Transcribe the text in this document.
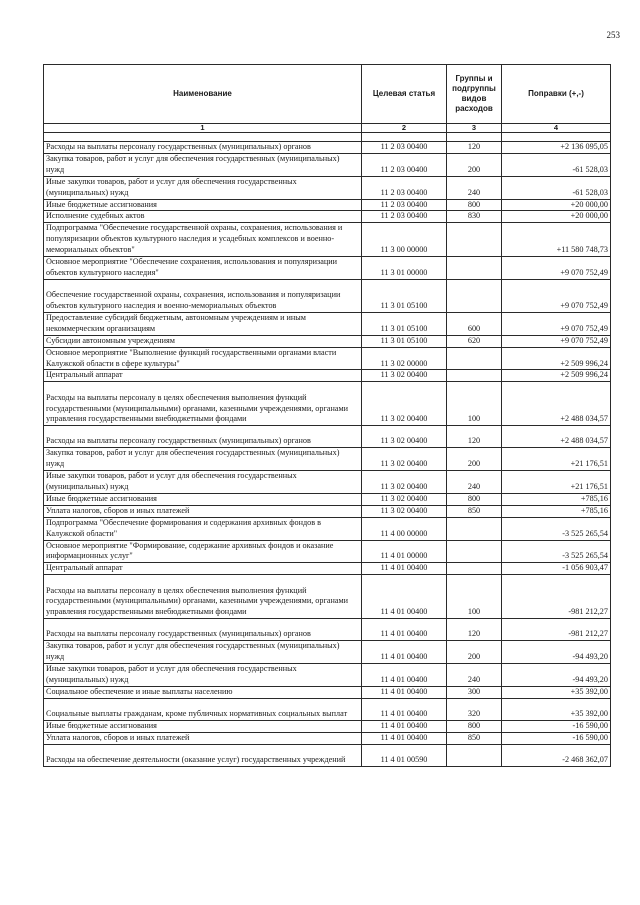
253
Наименование	Целевая статья	Группы и подгруппы видов расходов	Поправки (+,-)
1	2	3	4

Расходы на выплаты персоналу государственных (муниципальных) органов	11 2 03 00400	120	+2 136 095,05
Закупка товаров, работ и услуг для обеспечения государственных (муниципальных) нужд	11 2 03 00400	200	-61 528,03
Иные закупки товаров, работ и услуг для обеспечения государственных (муниципальных) нужд	11 2 03 00400	240	-61 528,03
Иные бюджетные ассигнования	11 2 03 00400	800	+20 000,00
Исполнение судебных актов	11 2 03 00400	830	+20 000,00
Подпрограмма "Обеспечение государственной охраны, сохранения, использования и популяризации объектов культурного наследия и усадебных комплексов и военно-мемориальных объектов"	11 3 00 00000		+11 580 748,73
Основное мероприятие "Обеспечение сохранения, использования и популяризации объектов культурного наследия"	11 3 01 00000		+9 070 752,49
Обеспечение государственной охраны, сохранения, использования и популяризации объектов культурного наследия и военно-мемориальных объектов	11 3 01 05100		+9 070 752,49
Предоставление субсидий бюджетным, автономным учреждениям и иным некоммерческим организациям	11 3 01 05100	600	+9 070 752,49
Субсидии автономным учреждениям	11 3 01 05100	620	+9 070 752,49
Основное мероприятие "Выполнение функций государственными органами власти Калужской области в сфере культуры"	11 3 02 00000		+2 509 996,24
Центральный аппарат	11 3 02 00400		+2 509 996,24
Расходы на выплаты персоналу в целях обеспечения выполнения функций государственными (муниципальными) органами, казенными учреждениями, органами управления государственными внебюджетными фондами	11 3 02 00400	100	+2 488 034,57
Расходы на выплаты персоналу государственных (муниципальных) органов	11 3 02 00400	120	+2 488 034,57
Закупка товаров, работ и услуг для обеспечения государственных (муниципальных) нужд	11 3 02 00400	200	+21 176,51
Иные закупки товаров, работ и услуг для обеспечения государственных (муниципальных) нужд	11 3 02 00400	240	+21 176,51
Иные бюджетные ассигнования	11 3 02 00400	800	+785,16
Уплата налогов, сборов и иных платежей	11 3 02 00400	850	+785,16
Подпрограмма "Обеспечение формирования и содержания архивных фондов в Калужской области"	11 4 00 00000		-3 525 265,54
Основное мероприятие "Формирование, содержание архивных фондов и оказание информационных услуг"	11 4 01 00000		-3 525 265,54
Центральный аппарат	11 4 01 00400		-1 056 903,47
Расходы на выплаты персоналу в целях обеспечения выполнения функций государственными (муниципальными) органами, казенными учреждениями, органами управления государственными внебюджетными фондами	11 4 01 00400	100	-981 212,27
Расходы на выплаты персоналу государственных (муниципальных) органов	11 4 01 00400	120	-981 212,27
Закупка товаров, работ и услуг для обеспечения государственных (муниципальных) нужд	11 4 01 00400	200	-94 493,20
Иные закупки товаров, работ и услуг для обеспечения государственных (муниципальных) нужд	11 4 01 00400	240	-94 493,20
Социальное обеспечение и иные выплаты населению	11 4 01 00400	300	+35 392,00
Социальные выплаты гражданам, кроме публичных нормативных социальных выплат	11 4 01 00400	320	+35 392,00
Иные бюджетные ассигнования	11 4 01 00400	800	-16 590,00
Уплата налогов, сборов и иных платежей	11 4 01 00400	850	-16 590,00
Расходы на обеспечение деятельности (оказание услуг) государственных учреждений	11 4 01 00590		-2 468 362,07
